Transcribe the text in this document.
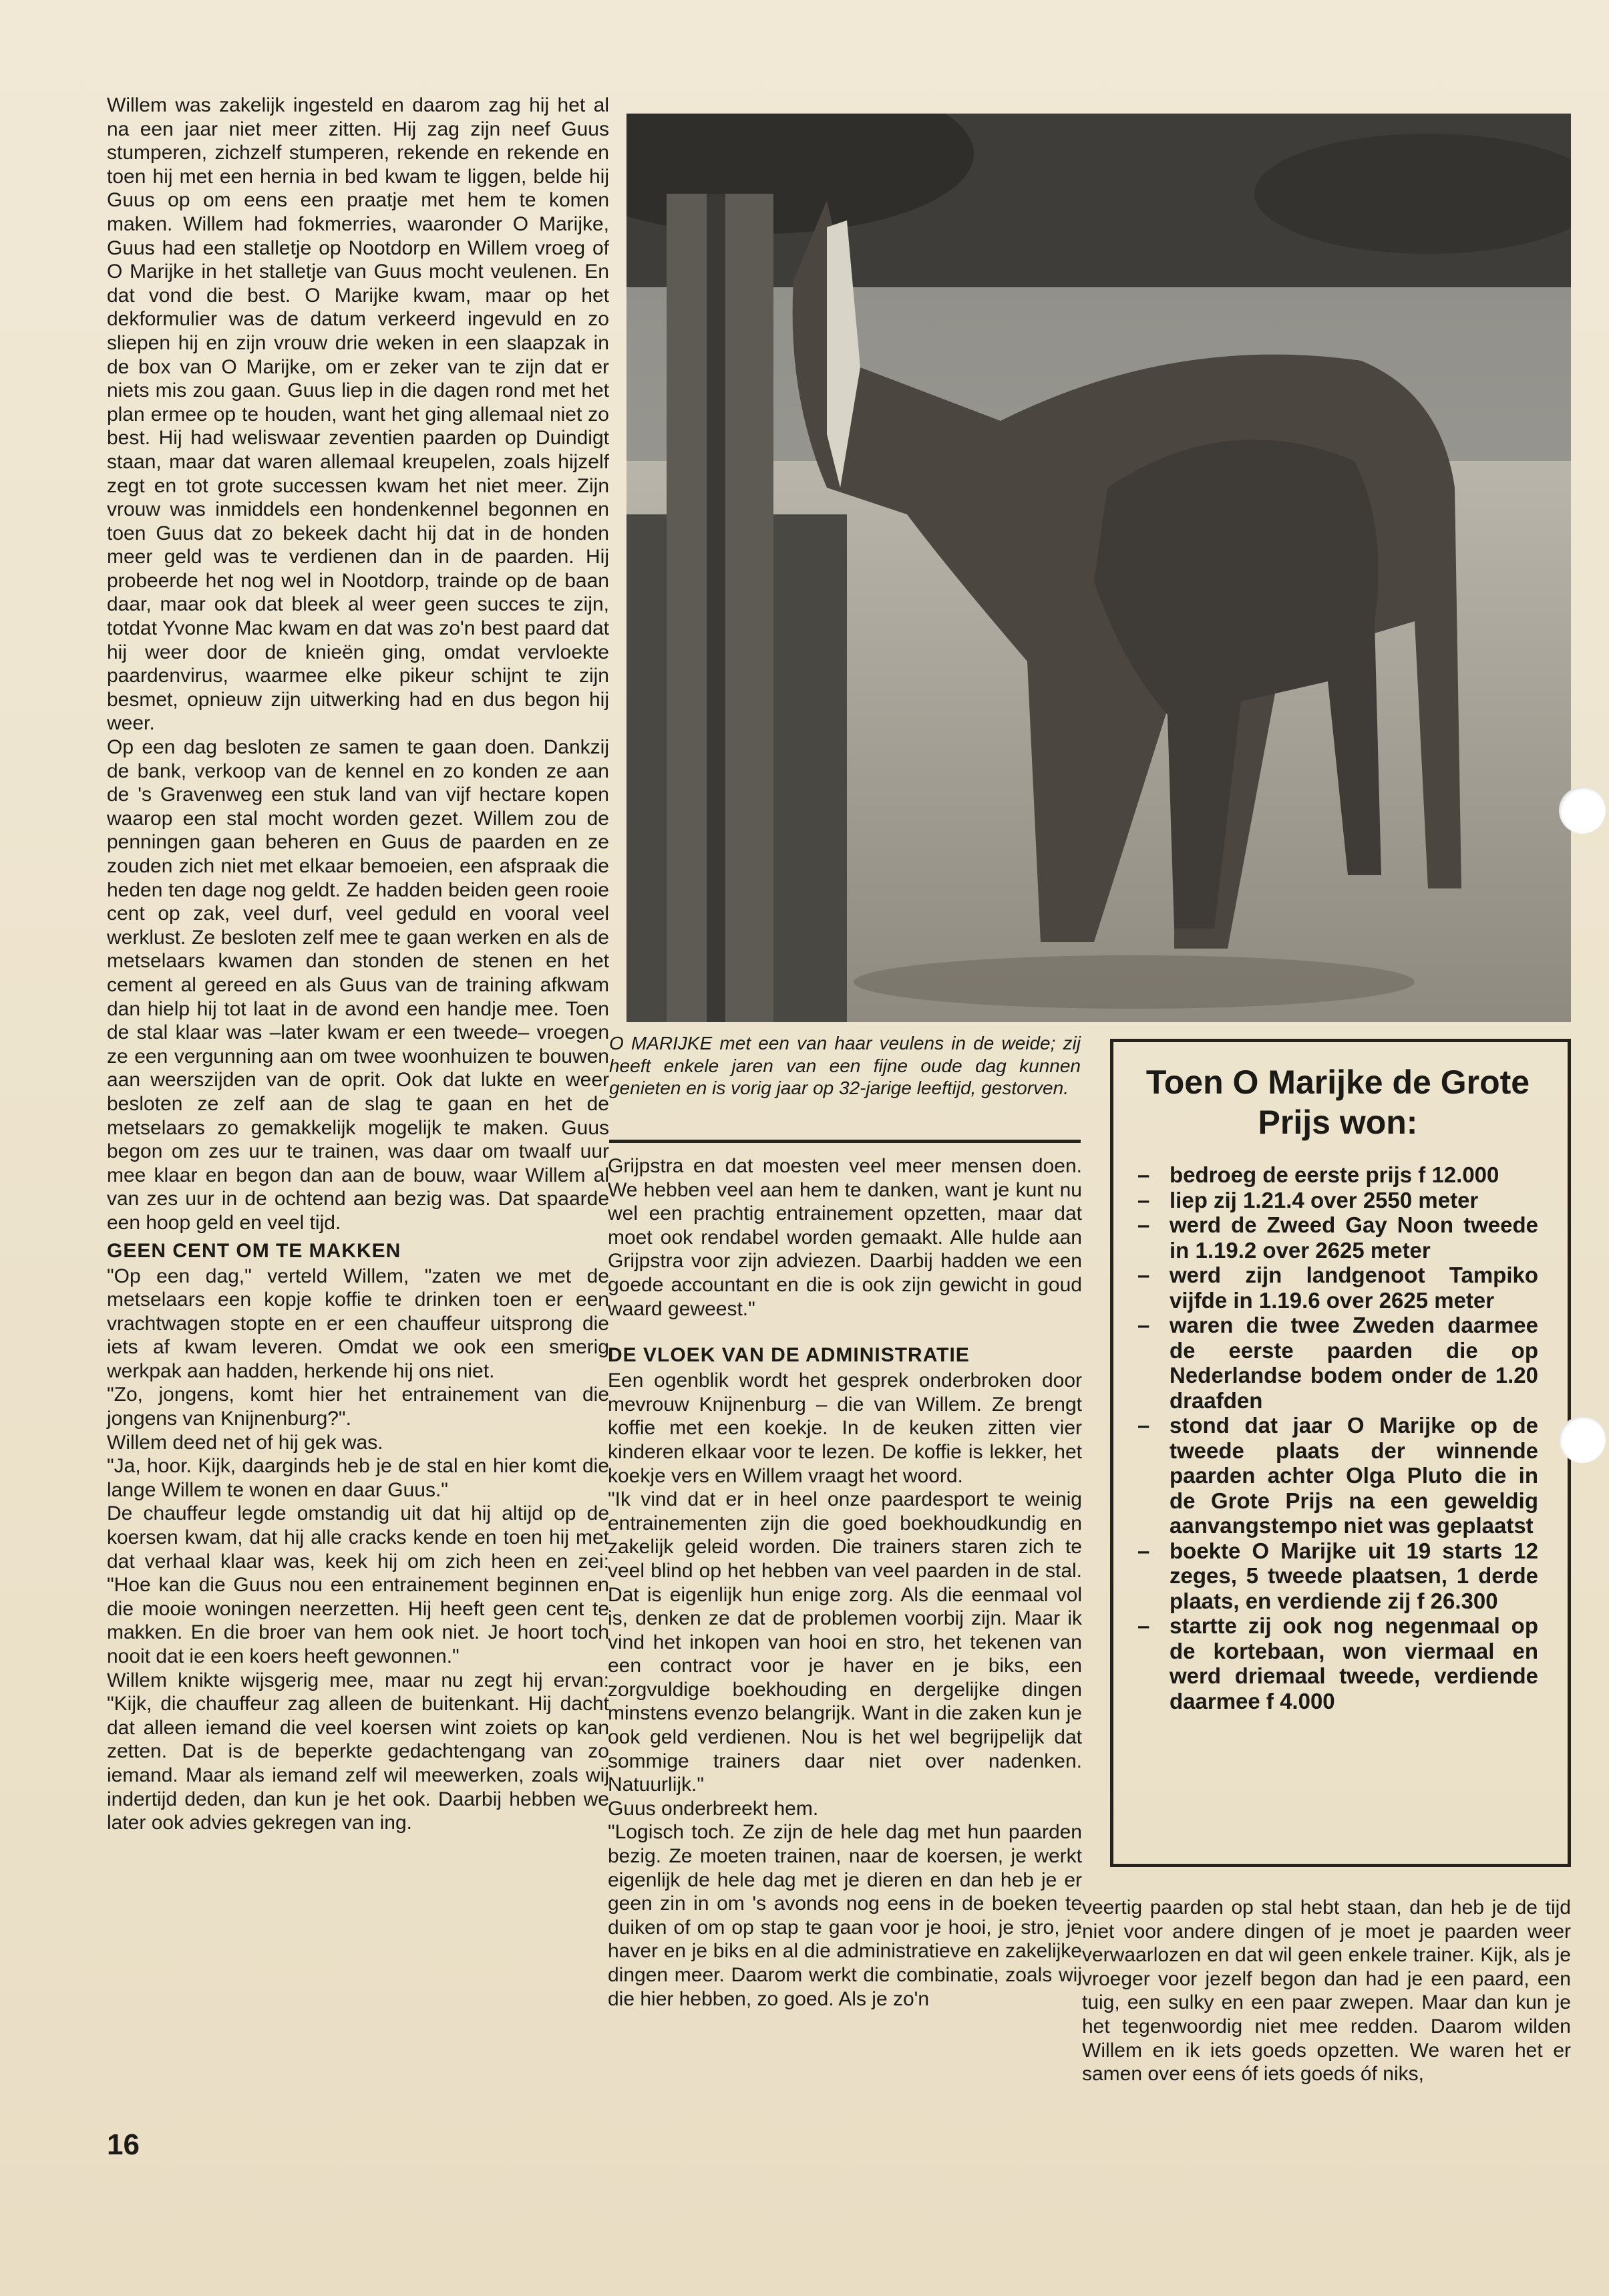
Willem was zakelijk ingesteld en daarom zag hij het al na een jaar niet meer zitten. Hij zag zijn neef Guus stumperen, zichzelf stumperen, rekende en rekende en toen hij met een hernia in bed kwam te liggen, belde hij Guus op om eens een praatje met hem te komen maken. Willem had fokmerries, waaronder O Marijke, Guus had een stalletje op Nootdorp en Willem vroeg of O Marijke in het stalletje van Guus mocht veulenen. En dat vond die best. O Marijke kwam, maar op het dekformulier was de datum verkeerd ingevuld en zo sliepen hij en zijn vrouw drie weken in een slaapzak in de box van O Marijke, om er zeker van te zijn dat er niets mis zou gaan. Guus liep in die dagen rond met het plan ermee op te houden, want het ging allemaal niet zo best. Hij had weliswaar zeventien paarden op Duindigt staan, maar dat waren allemaal kreupelen, zoals hijzelf zegt en tot grote successen kwam het niet meer. Zijn vrouw was inmiddels een hondenkennel begonnen en toen Guus dat zo bekeek dacht hij dat in de honden meer geld was te verdienen dan in de paarden. Hij probeerde het nog wel in Nootdorp, trainde op de baan daar, maar ook dat bleek al weer geen succes te zijn, totdat Yvonne Mac kwam en dat was zo'n best paard dat hij weer door de knieën ging, omdat vervloekte paardenvirus, waarmee elke pikeur schijnt te zijn besmet, opnieuw zijn uitwerking had en dus begon hij weer.

Op een dag besloten ze samen te gaan doen. Dankzij de bank, verkoop van de kennel en zo konden ze aan de 's Gravenweg een stuk land van vijf hectare kopen waarop een stal mocht worden gezet. Willem zou de penningen gaan beheren en Guus de paarden en ze zouden zich niet met elkaar bemoeien, een afspraak die heden ten dage nog geldt. Ze hadden beiden geen rooie cent op zak, veel durf, veel geduld en vooral veel werklust. Ze besloten zelf mee te gaan werken en als de metselaars kwamen dan stonden de stenen en het cement al gereed en als Guus van de training afkwam dan hielp hij tot laat in de avond een handje mee. Toen de stal klaar was –later kwam er een tweede– vroegen ze een vergunning aan om twee woonhuizen te bouwen aan weerszijden van de oprit. Ook dat lukte en weer besloten ze zelf aan de slag te gaan en het de metselaars zo gemakkelijk mogelijk te maken. Guus begon om zes uur te trainen, was daar om twaalf uur mee klaar en begon dan aan de bouw, waar Willem al van zes uur in de ochtend aan bezig was. Dat spaarde een hoop geld en veel tijd.

GEEN CENT OM TE MAKKEN

"Op een dag," verteld Willem, "zaten we met de metselaars een kopje koffie te drinken toen er een vrachtwagen stopte en er een chauffeur uitsprong die iets af kwam leveren. Omdat we ook een smerig werkpak aan hadden, herkende hij ons niet.

"Zo, jongens, komt hier het entrainement van die jongens van Knijnenburg?".

Willem deed net of hij gek was.

"Ja, hoor. Kijk, daarginds heb je de stal en hier komt die lange Willem te wonen en daar Guus."

De chauffeur legde omstandig uit dat hij altijd op de koersen kwam, dat hij alle cracks kende en toen hij met dat verhaal klaar was, keek hij om zich heen en zei: "Hoe kan die Guus nou een entrainement beginnen en die mooie woningen neerzetten. Hij heeft geen cent te makken. En die broer van hem ook niet. Je hoort toch nooit dat ie een koers heeft gewonnen."

Willem knikte wijsgerig mee, maar nu zegt hij ervan: "Kijk, die chauffeur zag alleen de buitenkant. Hij dacht dat alleen iemand die veel koersen wint zoiets op kan zetten. Dat is de beperkte gedachtengang van zo iemand. Maar als iemand zelf wil meewerken, zoals wij indertijd deden, dan kun je het ook. Daarbij hebben we later ook advies gekregen van ing.

O MARIJKE met een van haar veulens in de weide; zij heeft enkele jaren van een fijne oude dag kunnen genieten en is vorig jaar op 32-jarige leeftijd, gestorven.

Grijpstra en dat moesten veel meer mensen doen. We hebben veel aan hem te danken, want je kunt nu wel een prachtig entrainement opzetten, maar dat moet ook rendabel worden gemaakt. Alle hulde aan Grijpstra voor zijn adviezen. Daarbij hadden we een goede accountant en die is ook zijn gewicht in goud waard geweest."

DE VLOEK VAN DE ADMINISTRATIE

Een ogenblik wordt het gesprek onderbroken door mevrouw Knijnenburg – die van Willem. Ze brengt koffie met een koekje. In de keuken zitten vier kinderen elkaar voor te lezen. De koffie is lekker, het koekje vers en Willem vraagt het woord.

"Ik vind dat er in heel onze paardesport te weinig entrainementen zijn die goed boekhoudkundig en zakelijk geleid worden. Die trainers staren zich te veel blind op het hebben van veel paarden in de stal. Dat is eigenlijk hun enige zorg. Als die eenmaal vol is, denken ze dat de problemen voorbij zijn. Maar ik vind het inkopen van hooi en stro, het tekenen van een contract voor je haver en je biks, een zorgvuldige boekhouding en dergelijke dingen minstens evenzo belangrijk. Want in die zaken kun je ook geld verdienen. Nou is het wel begrijpelijk dat sommige trainers daar niet over nadenken. Natuurlijk."

Guus onderbreekt hem.

"Logisch toch. Ze zijn de hele dag met hun paarden bezig. Ze moeten trainen, naar de koersen, je werkt eigenlijk de hele dag met je dieren en dan heb je er geen zin in om 's avonds nog eens in de boeken te duiken of om op stap te gaan voor je hooi, je stro, je haver en je biks en al die administratieve en zakelijke dingen meer. Daarom werkt die combinatie, zoals wij die hier hebben, zo goed. Als je zo'n

Toen O Marijke de Grote Prijs won:
– bedroeg de eerste prijs f 12.000
– liep zij 1.21.4 over 2550 meter
– werd de Zweed Gay Noon tweede in 1.19.2 over 2625 meter
– werd zijn landgenoot Tampiko vijfde in 1.19.6 over 2625 meter
– waren die twee Zweden daarmee de eerste paarden die op Nederlandse bodem onder de 1.20 draafden
– stond dat jaar O Marijke op de tweede plaats der winnende paarden achter Olga Pluto die in de Grote Prijs na een geweldig aanvangstempo niet was geplaatst
– boekte O Marijke uit 19 starts 12 zeges, 5 tweede plaatsen, 1 derde plaats, en verdiende zij f 26.300
– startte zij ook nog negenmaal op de kortebaan, won viermaal en werd driemaal tweede, verdiende daarmee f 4.000

veertig paarden op stal hebt staan, dan heb je de tijd niet voor andere dingen of je moet je paarden weer verwaarlozen en dat wil geen enkele trainer. Kijk, als je vroeger voor jezelf begon dan had je een paard, een tuig, een sulky en een paar zwepen. Maar dan kun je het tegenwoordig niet mee redden. Daarom wilden Willem en ik iets goeds opzetten. We waren het er samen over eens óf iets goeds óf niks,

16
